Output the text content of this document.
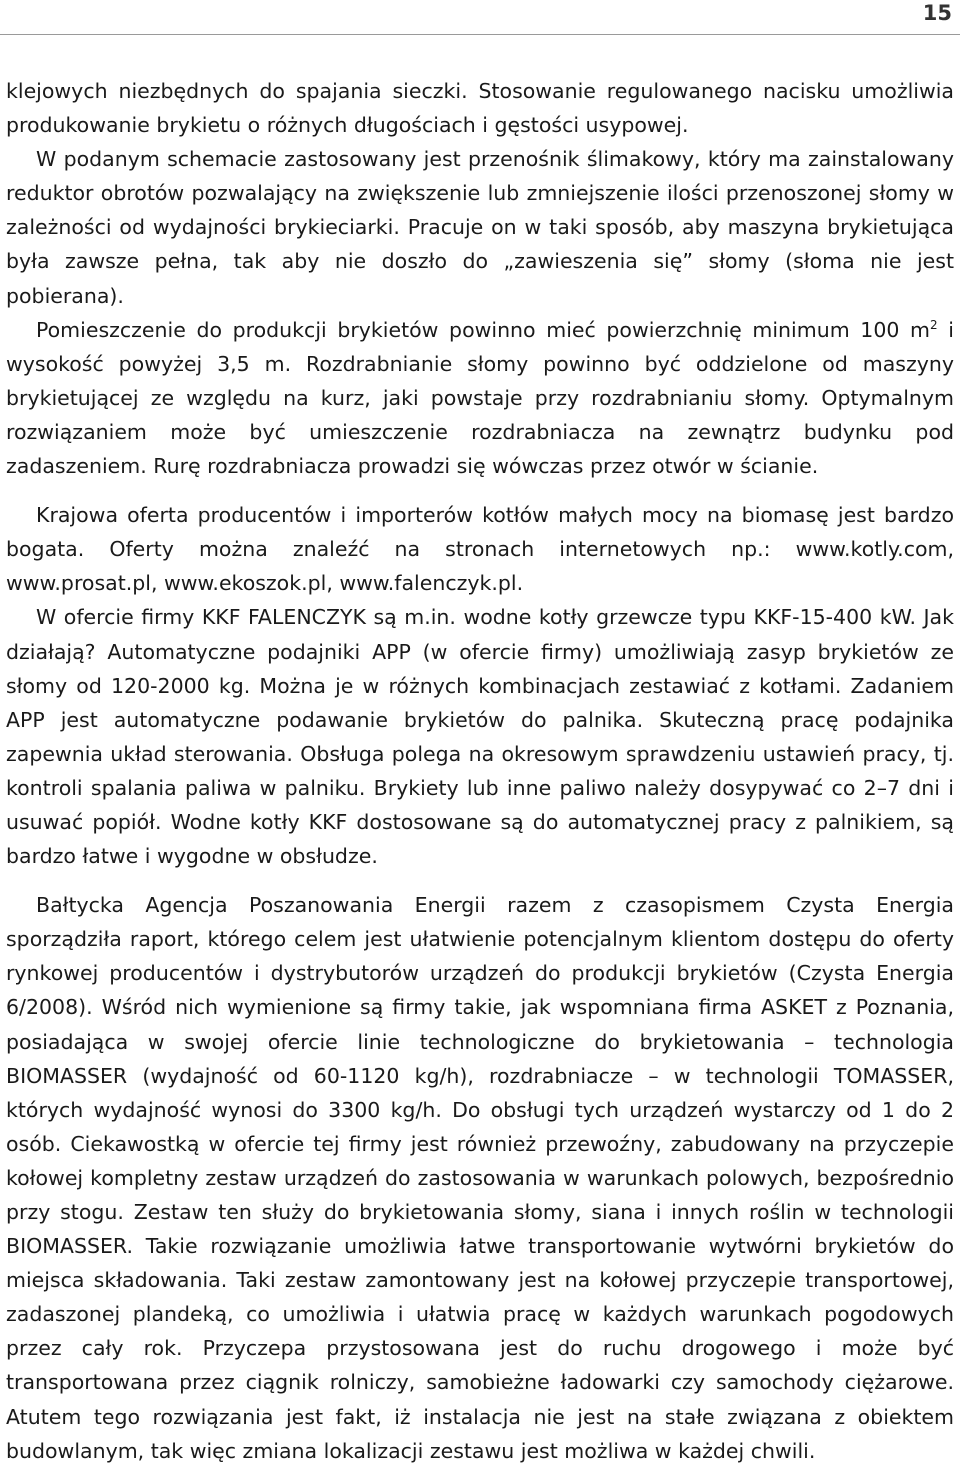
15

klejowych niezbędnych do spajania sieczki. Stosowanie regulowanego nacisku umożliwia produkowanie brykietu o różnych długościach i gęstości usypowej.

W podanym schemacie zastosowany jest przenośnik ślimakowy, który ma zainstalowany reduktor obrotów pozwalający na zwiększenie lub zmniejszenie ilości przenoszonej słomy w zależności od wydajności brykieciarki. Pracuje on w taki sposób, aby maszyna brykietująca była zawsze pełna, tak aby nie doszło do „zawieszenia się” słomy (słoma nie jest pobierana).

Pomieszczenie do produkcji brykietów powinno mieć powierzchnię minimum 100 $m^2$ i wysokość powyżej 3,5 m. Rozdrabnianie słomy powinno być oddzielone od maszyny brykietującej ze względu na kurz, jaki powstaje przy rozdrabnianiu słomy. Optymalnym rozwiązaniem może być umieszczenie rozdrabniacza na zewnątrz budynku pod zadaszeniem. Rurę rozdrabniacza prowadzi się wówczas przez otwór w ścianie.

Krajowa oferta producentów i importerów kotłów małych mocy na biomasę jest bardzo bogata. Oferty można znaleźć na stronach internetowych np.: www.kotly.com, www.prosat.pl, www.ekoszok.pl, www.falenczyk.pl.

W ofercie firmy KKF FALENCZYK są m.in. wodne kotły grzewcze typu KKF-15-400 kW. Jak działają? Automatyczne podajniki APP (w ofercie firmy) umożliwiają zasyp brykietów ze słomy od 120-2000 kg. Można je w różnych kombinacjach zestawiać z kotłami. Zadaniem APP jest automatyczne podawanie brykietów do palnika. Skuteczną pracę podajnika zapewnia układ sterowania. Obsługa polega na okresowym sprawdzeniu ustawień pracy, tj. kontroli spalania paliwa w palniku. Brykiety lub inne paliwo należy dosypywać co 2–7 dni i usuwać popiół. Wodne kotły KKF dostosowane są do automatycznej pracy z palnikiem, są bardzo łatwe i wygodne w obsłudze.

Bałtycka Agencja Poszanowania Energii razem z czasopismem Czysta Energia sporządziła raport, którego celem jest ułatwienie potencjalnym klientom dostępu do oferty rynkowej producentów i dystrybutorów urządzeń do produkcji brykietów (Czysta Energia 6/2008). Wśród nich wymienione są firmy takie, jak wspomniana firma ASKET z Poznania, posiadająca w swojej ofercie linie technologiczne do brykietowania – technologia BIOMASSER (wydajność od 60-1120 kg/h), rozdrabniacze – w technologii TOMASSER, których wydajność wynosi do 3300 kg/h. Do obsługi tych urządzeń wystarczy od 1 do 2 osób. Ciekawostką w ofercie tej firmy jest również przewoźny, zabudowany na przyczepie kołowej kompletny zestaw urządzeń do zastosowania w warunkach polowych, bezpośrednio przy stogu. Zestaw ten służy do brykietowania słomy, siana i innych roślin w technologii BIOMASSER. Takie rozwiązanie umożliwia łatwe transportowanie wytwórni brykietów do miejsca składowania. Taki zestaw zamontowany jest na kołowej przyczepie transportowej, zadaszonej plandeką, co umożliwia i ułatwia pracę w każdych warunkach pogodowych przez cały rok. Przyczepa przystosowana jest do ruchu drogowego i może być transportowana przez ciągnik rolniczy, samobieżne ładowarki czy samochody ciężarowe. Atutem tego rozwiązania jest fakt, iż instalacja nie jest na stałe związana z obiektem budowlanym, tak więc zmiana lokalizacji zestawu jest możliwa w każdej chwili.
